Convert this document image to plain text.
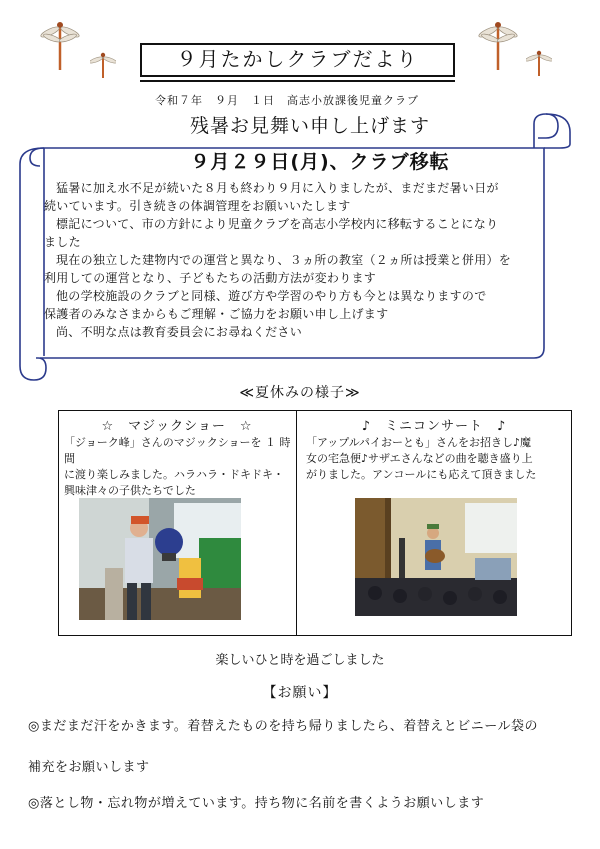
９月たかしクラブだより
令和７年　９月　１日　高志小放課後児童クラブ
残暑お見舞い申し上げます
９月２９日(月)、クラブ移転
猛暑に加え水不足が続いた８月も終わり９月に入りましたが、まだまだ暑い日が
続いています。引き続きの体調管理をお願いいたします
標記について、市の方針により児童クラブを高志小学校内に移転することになり
ました
現在の独立した建物内での運営と異なり、３ヵ所の教室（２ヵ所は授業と併用）を
利用しての運営となり、子どもたちの活動方法が変わります
他の学校施設のクラブと同様、遊び方や学習のやり方も今とは異なりますので
保護者のみなさまからもご理解・ご協力をお願い申し上げます
尚、不明な点は教育委員会にお尋ねください
≪夏休みの様子≫
☆　マジックショー　☆
「ジョーク峰」さんのマジックショーを １ 時間
に渡り楽しみました。ハラハラ・ドキドキ・
興味津々の子供たちでした
♪　ミニコンサート　♪
「アップルパイおーとも」さんをお招きし♪魔
女の宅急便♪サザエさんなどの曲を聴き盛り上
がりました。アンコールにも応えて頂きました
楽しいひと時を過ごしました
【お願い】
◎まだまだ汗をかきます。着替えたものを持ち帰りましたら、着替えとビニール袋の
補充をお願いします
◎落とし物・忘れ物が増えています。持ち物に名前を書くようお願いします
